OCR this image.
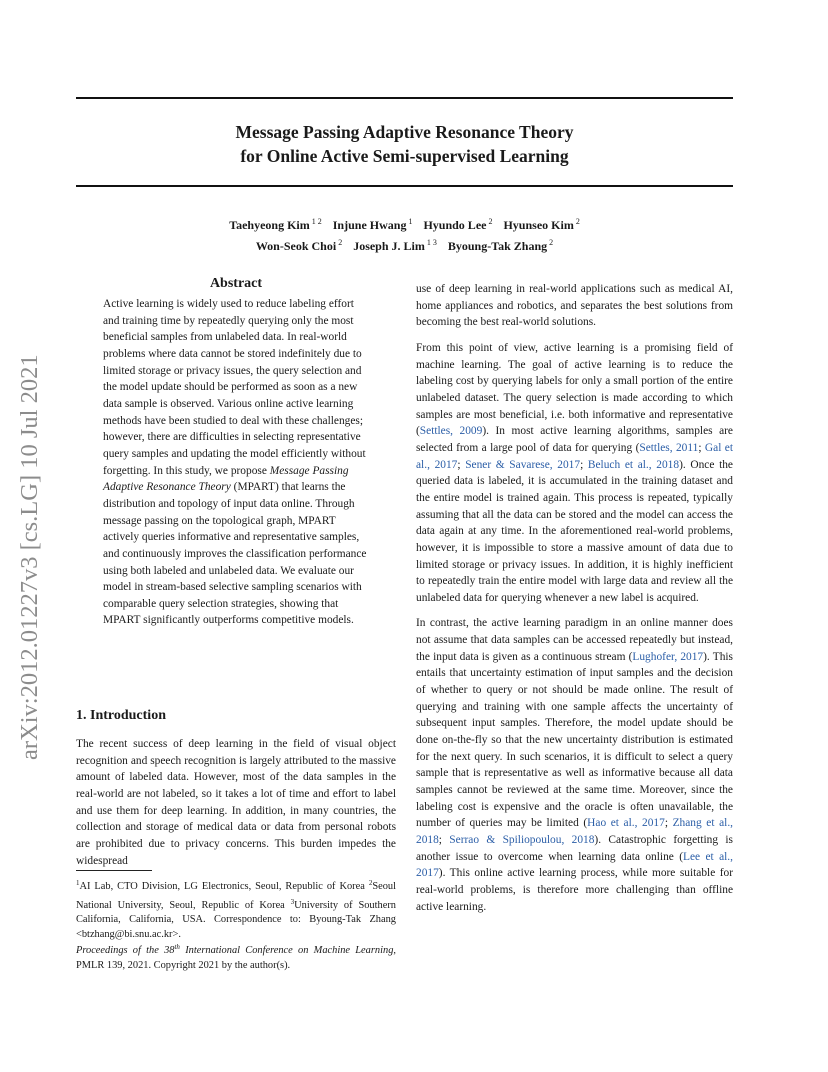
arXiv:2012.01227v3 [cs.LG] 10 Jul 2021
Message Passing Adaptive Resonance Theory
for Online Active Semi-supervised Learning
Taehyeong Kim $^{1 2}$ Injune Hwang $^1$ Hyundo Lee $^2$ Hyunseo Kim $^2$
Won-Seok Choi $^2$ Joseph J. Lim $^{1 3}$ Byoung-Tak Zhang $^2$
Abstract
Active learning is widely used to reduce labeling effort and training time by repeatedly querying only the most beneficial samples from unlabeled data. In real-world problems where data cannot be stored indefinitely due to limited storage or privacy issues, the query selection and the model update should be performed as soon as a new data sample is observed. Various online active learning methods have been studied to deal with these challenges; however, there are difficulties in selecting representative query samples and updating the model efficiently without forgetting. In this study, we propose Message Passing Adaptive Resonance Theory (MPART) that learns the distribution and topology of input data online. Through message passing on the topological graph, MPART actively queries informative and representative samples, and continuously improves the classification performance using both labeled and unlabeled data. We evaluate our model in stream-based selective sampling scenarios with comparable query selection strategies, showing that MPART significantly outperforms competitive models.
1. Introduction
The recent success of deep learning in the field of visual object recognition and speech recognition is largely attributed to the massive amount of labeled data. However, most of the data samples in the real-world are not labeled, so it takes a lot of time and effort to label and use them for deep learning. In addition, in many countries, the collection and storage of medical data or data from personal robots are prohibited due to privacy concerns. This burden impedes the widespread
$^1$AI Lab, CTO Division, LG Electronics, Seoul, Republic of Korea $^2$Seoul National University, Seoul, Republic of Korea $^3$University of Southern California, California, USA. Correspondence to: Byoung-Tak Zhang <btzhang@bi.snu.ac.kr>.
Proceedings of the 38th International Conference on Machine Learning, PMLR 139, 2021. Copyright 2021 by the author(s).

use of deep learning in real-world applications such as medical AI, home appliances and robotics, and separates the best solutions from becoming the best real-world solutions.

From this point of view, active learning is a promising field of machine learning. The goal of active learning is to reduce the labeling cost by querying labels for only a small portion of the entire unlabeled dataset. The query selection is made according to which samples are most beneficial, i.e. both informative and representative (Settles, 2009). In most active learning algorithms, samples are selected from a large pool of data for querying (Settles, 2011; Gal et al., 2017; Sener & Savarese, 2017; Beluch et al., 2018). Once the queried data is labeled, it is accumulated in the training dataset and the entire model is trained again. This process is repeated, typically assuming that all the data can be stored and the model can access the data again at any time. In the aforementioned real-world problems, however, it is impossible to store a massive amount of data due to limited storage or privacy issues. In addition, it is highly inefficient to repeatedly train the entire model with large data and review all the unlabeled data for querying whenever a new label is acquired.

In contrast, the active learning paradigm in an online manner does not assume that data samples can be accessed repeatedly but instead, the input data is given as a continuous stream (Lughofer, 2017). This entails that uncertainty estimation of input samples and the decision of whether to query or not should be made online. The result of querying and training with one sample affects the uncertainty of subsequent input samples. Therefore, the model update should be done on-the-fly so that the new uncertainty distribution is estimated for the next query. In such scenarios, it is difficult to select a query sample that is representative as well as informative because all data samples cannot be reviewed at the same time. Moreover, since the labeling cost is expensive and the oracle is often unavailable, the number of queries may be limited (Hao et al., 2017; Zhang et al., 2018; Serrao & Spiliopoulou, 2018). Catastrophic forgetting is another issue to overcome when learning data online (Lee et al., 2017). This online active learning process, while more suitable for real-world problems, is therefore more challenging than offline active learning.
